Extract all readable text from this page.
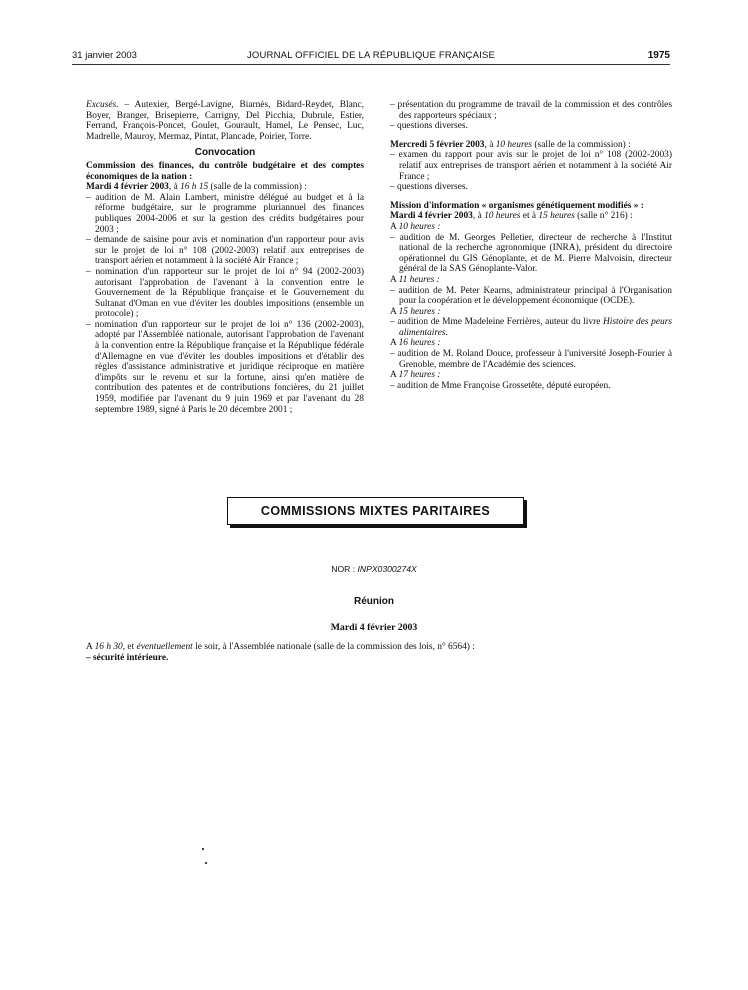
31 janvier 2003	JOURNAL OFFICIEL DE LA RÉPUBLIQUE FRANÇAISE	1975

Excusés. – Autexier, Bergé-Lavigne, Biarnès, Bidard-Reydet, Blanc, Boyer, Branger, Brisepierre, Carrigny, Del Picchia, Dubrule, Estier, Ferrand, François-Poncet, Goulet, Gourault, Hamel, Le Pensec, Luc, Madrelle, Mauroy, Mermaz, Pintat, Plancade, Poirier, Torre.

Convocation

Commission des finances, du contrôle budgétaire et des comptes économiques de la nation :

Mardi 4 février 2003, à 16 h 15 (salle de la commission) :

– audition de M. Alain Lambert, ministre délégué au budget et à la réforme budgétaire, sur le programme pluriannuel des finances publiques 2004-2006 et sur la gestion des crédits budgétaires pour 2003 ;

– demande de saisine pour avis et nomination d'un rapporteur pour avis sur le projet de loi n° 108 (2002-2003) relatif aux entreprises de transport aérien et notamment à la société Air France ;

– nomination d'un rapporteur sur le projet de loi n° 94 (2002-2003) autorisant l'approbation de l'avenant à la convention entre le Gouvernement de la République française et le Gouvernement du Sultanat d'Oman en vue d'éviter les doubles impositions (ensemble un protocole) ;

– nomination d'un rapporteur sur le projet de loi n° 136 (2002-2003), adopté par l'Assemblée nationale, autorisant l'approbation de l'avenant à la convention entre la République française et la République fédérale d'Allemagne en vue d'éviter les doubles impositions et d'établir des règles d'assistance administrative et juridique réciproque en matière d'impôts sur le revenu et sur la fortune, ainsi qu'en matière de contribution des patentes et de contributions foncières, du 21 juillet 1959, modifiée par l'avenant du 9 juin 1969 et par l'avenant du 28 septembre 1989, signé à Paris le 20 décembre 2001 ;

– présentation du programme de travail de la commission et des contrôles des rapporteurs spéciaux ;

– questions diverses.

Mercredi 5 février 2003, à 10 heures (salle de la commission) :

– examen du rapport pour avis sur le projet de loi n° 108 (2002-2003) relatif aux entreprises de transport aérien et notamment à la société Air France ;

– questions diverses.

Mission d'information « organismes génétiquement modifiés » :

Mardi 4 février 2003, à 10 heures et à 15 heures (salle n° 216) :

A 10 heures :

– audition de M. Georges Pelletier, directeur de recherche à l'Institut national de la recherche agronomique (INRA), président du directoire opérationnel du GIS Génoplante, et de M. Pierre Malvoisin, directeur général de la SAS Génoplante-Valor.

A 11 heures :

– audition de M. Peter Kearns, administrateur principal à l'Organisation pour la coopération et le développement économique (OCDE).

A 15 heures :

– audition de Mme Madeleine Ferrières, auteur du livre Histoire des peurs alimentaires.

A 16 heures :

– audition de M. Roland Douce, professeur à l'université Joseph-Fourier à Grenoble, membre de l'Académie des sciences.

A 17 heures :

– audition de Mme Françoise Grossetête, député européen.

COMMISSIONS MIXTES PARITAIRES
NOR : INPX0300274X
Réunion
Mardi 4 février 2003

A 16 h 30, et éventuellement le soir, à l'Assemblée nationale (salle de la commission des lois, n° 6564) :

– sécurité intérieure.
